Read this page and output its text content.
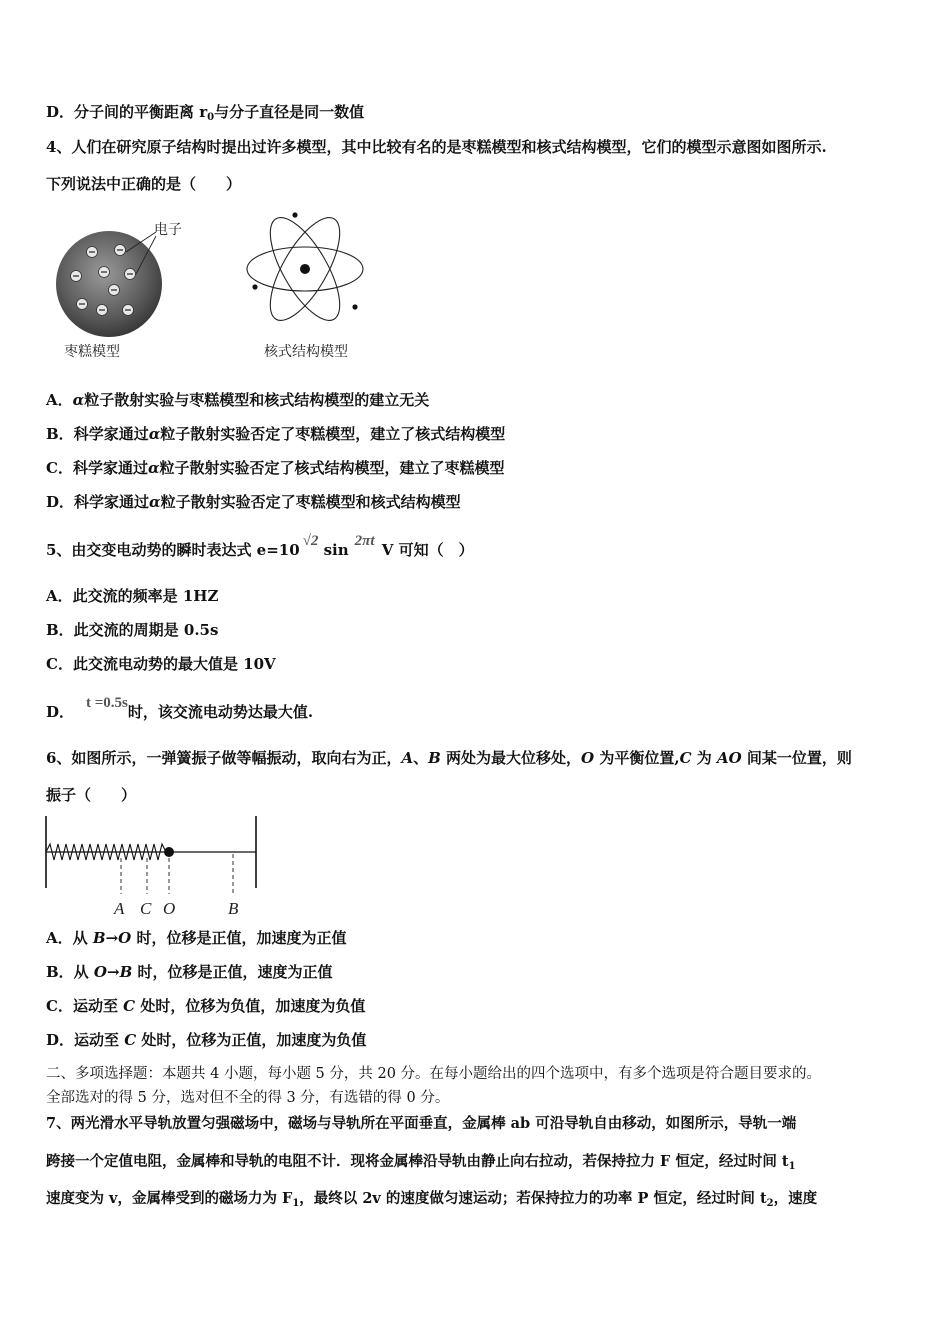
D．分子间的平衡距离 $r_0$与分子直径是同一数值
4、人们在研究原子结构时提出过许多模型，其中比较有名的是枣糕模型和核式结构模型，它们的模型示意图如图所示.
下列说法中正确的是（　　）
电子
枣糕模型	核式结构模型
A．α粒子散射实验与枣糕模型和核式结构模型的建立无关
B．科学家通过α粒子散射实验否定了枣糕模型，建立了核式结构模型
C．科学家通过α粒子散射实验否定了核式结构模型，建立了枣糕模型
D．科学家通过α粒子散射实验否定了枣糕模型和核式结构模型
5、由交变电动势的瞬时表达式 e=10 √2 sin 2πt V 可知（　）
A．此交流的频率是 1HZ
B．此交流的周期是 0.5s
C．此交流电动势的最大值是 10V
D． t =0.5s时，该交流电动势达最大值.
6、如图所示，一弹簧振子做等幅振动，取向右为正，A、B 两处为最大位移处，O 为平衡位置,C 为 AO 间某一位置，则
振子（　　）
A C O	B
A．从 B→O 时，位移是正值，加速度为正值
B．从 O→B 时，位移是正值，速度为正值
C．运动至 C 处时，位移为负值，加速度为负值
D．运动至 C 处时，位移为正值，加速度为负值
二、多项选择题：本题共 4 小题，每小题 5 分，共 20 分。在每小题给出的四个选项中，有多个选项是符合题目要求的。
全部选对的得 5 分，选对但不全的得 3 分，有选错的得 0 分。
7、两光滑水平导轨放置匀强磁场中，磁场与导轨所在平面垂直，金属棒 ab 可沿导轨自由移动，如图所示，导轨一端
跨接一个定值电阻，金属棒和导轨的电阻不计．现将金属棒沿导轨由静止向右拉动，若保持拉力 F 恒定，经过时间 $t_1$
速度变为 v，金属棒受到的磁场力为 $F_1$，最终以 2v 的速度做匀速运动；若保持拉力的功率 P 恒定，经过时间 $t_2$，速度
